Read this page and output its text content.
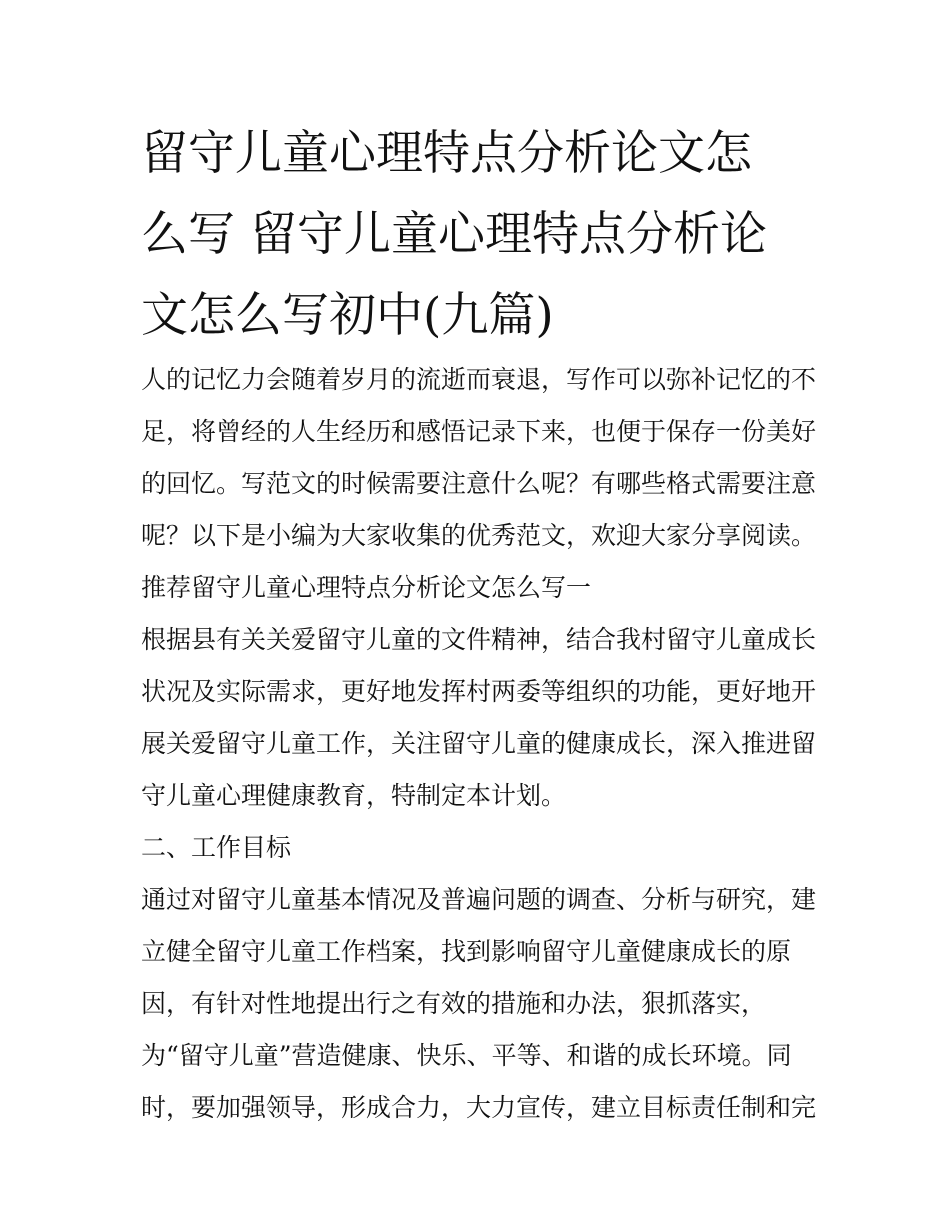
留守儿童心理特点分析论文怎
么写 留守儿童心理特点分析论
文怎么写初中(九篇)
人的记忆力会随着岁月的流逝而衰退，写作可以弥补记忆的不
足，将曾经的人生经历和感悟记录下来，也便于保存一份美好
的回忆。写范文的时候需要注意什么呢？有哪些格式需要注意
呢？以下是小编为大家收集的优秀范文，欢迎大家分享阅读。
推荐留守儿童心理特点分析论文怎么写一
根据县有关关爱留守儿童的文件精神，结合我村留守儿童成长
状况及实际需求，更好地发挥村两委等组织的功能，更好地开
展关爱留守儿童工作，关注留守儿童的健康成长，深入推进留
守儿童心理健康教育，特制定本计划。
二、工作目标
通过对留守儿童基本情况及普遍问题的调查、分析与研究，建
立健全留守儿童工作档案，找到影响留守儿童健康成长的原
因，有针对性地提出行之有效的措施和办法，狠抓落实，
为“留守儿童”营造健康、快乐、平等、和谐的成长环境。同
时，要加强领导，形成合力，大力宣传，建立目标责任制和完
